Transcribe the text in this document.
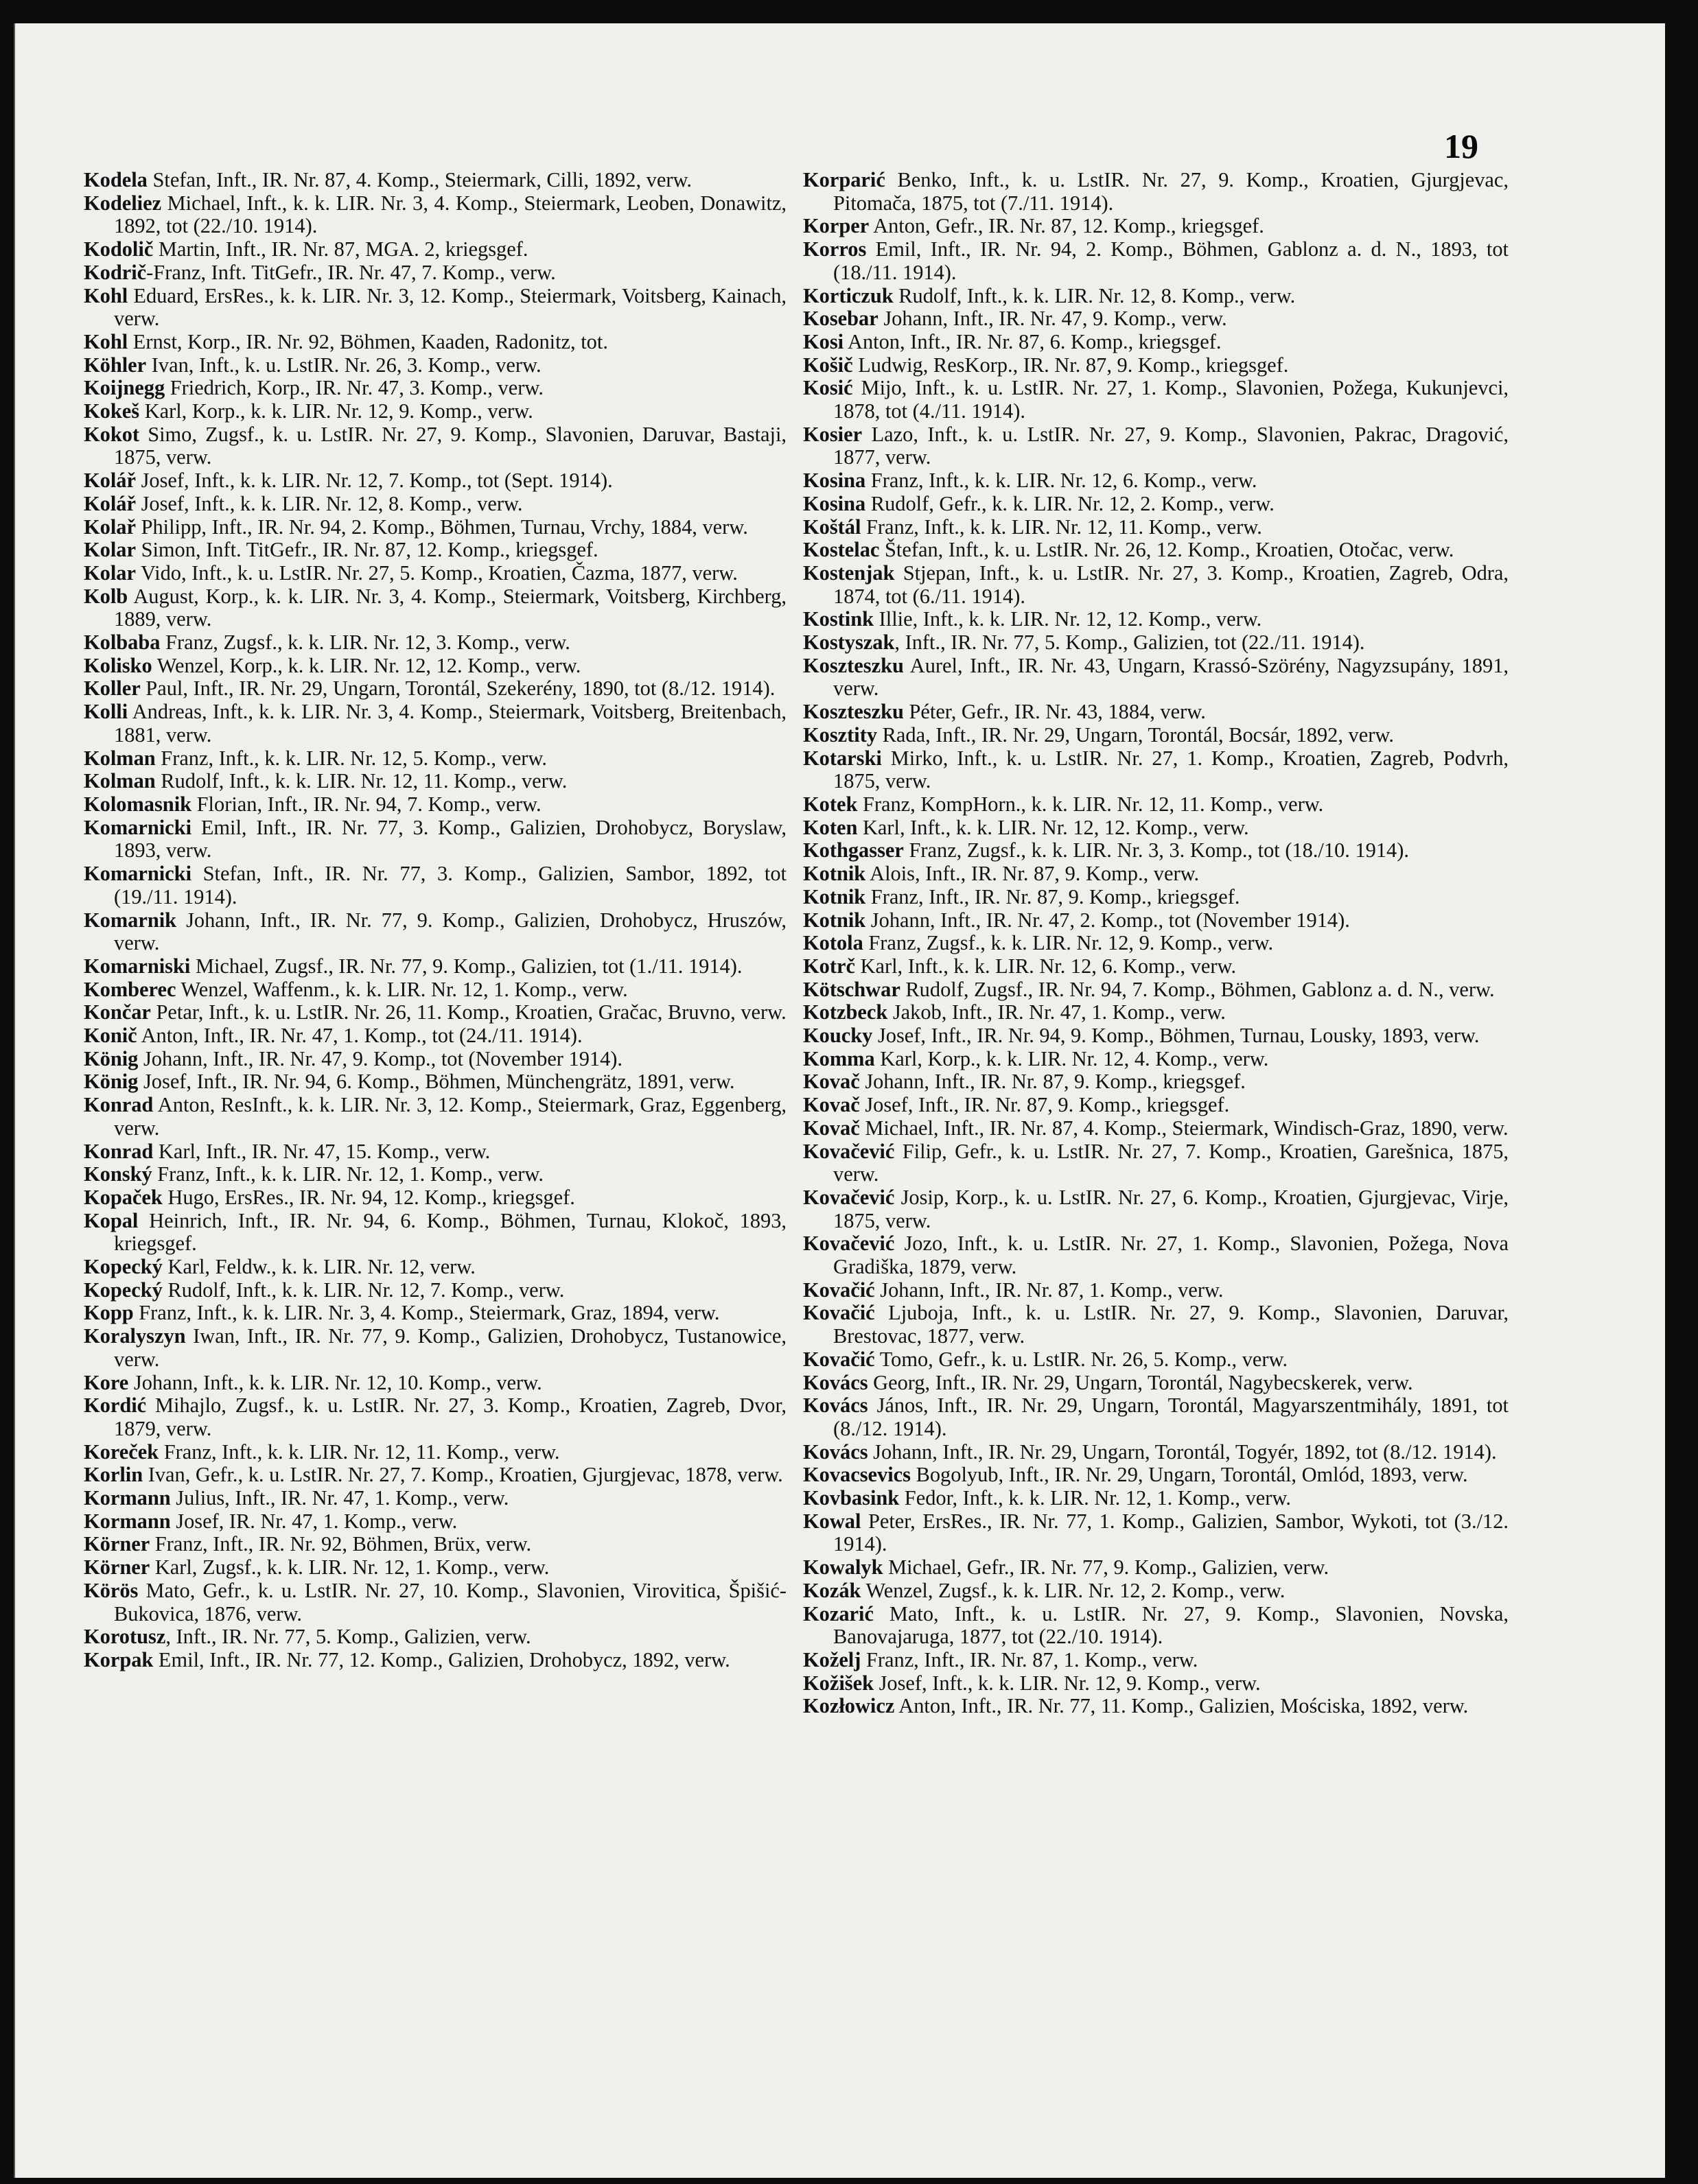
19

Kodela Stefan, Inft., IR. Nr. 87, 4. Komp., Steiermark, Cilli, 1892, verw.

Kodeliez Michael, Inft., k. k. LIR. Nr. 3, 4. Komp., Steiermark, Leoben, Donawitz, 1892, tot (22./10. 1914).

Kodolič Martin, Inft., IR. Nr. 87, MGA. 2, kriegsgef.

Kodrič-Franz, Inft. TitGefr., IR. Nr. 47, 7. Komp., verw.

Kohl Eduard, ErsRes., k. k. LIR. Nr. 3, 12. Komp., Steiermark, Voitsberg, Kainach, verw.

Kohl Ernst, Korp., IR. Nr. 92, Böhmen, Kaaden, Radonitz, tot.

Köhler Ivan, Inft., k. u. LstIR. Nr. 26, 3. Komp., verw.

Koijnegg Friedrich, Korp., IR. Nr. 47, 3. Komp., verw.

Kokeš Karl, Korp., k. k. LIR. Nr. 12, 9. Komp., verw.

Kokot Simo, Zugsf., k. u. LstIR. Nr. 27, 9. Komp., Slavonien, Daruvar, Bastaji, 1875, verw.

Kolář Josef, Inft., k. k. LIR. Nr. 12, 7. Komp., tot (Sept. 1914).

Kolář Josef, Inft., k. k. LIR. Nr. 12, 8. Komp., verw.

Kolař Philipp, Inft., IR. Nr. 94, 2. Komp., Böhmen, Turnau, Vrchy, 1884, verw.

Kolar Simon, Inft. TitGefr., IR. Nr. 87, 12. Komp., kriegsgef.

Kolar Vido, Inft., k. u. LstIR. Nr. 27, 5. Komp., Kroatien, Čazma, 1877, verw.

Kolb August, Korp., k. k. LIR. Nr. 3, 4. Komp., Steiermark, Voitsberg, Kirchberg, 1889, verw.

Kolbaba Franz, Zugsf., k. k. LIR. Nr. 12, 3. Komp., verw.

Kolisko Wenzel, Korp., k. k. LIR. Nr. 12, 12. Komp., verw.

Koller Paul, Inft., IR. Nr. 29, Ungarn, Torontál, Szekerény, 1890, tot (8./12. 1914).

Kolli Andreas, Inft., k. k. LIR. Nr. 3, 4. Komp., Steiermark, Voitsberg, Breitenbach, 1881, verw.

Kolman Franz, Inft., k. k. LIR. Nr. 12, 5. Komp., verw.

Kolman Rudolf, Inft., k. k. LIR. Nr. 12, 11. Komp., verw.

Kolomasnik Florian, Inft., IR. Nr. 94, 7. Komp., verw.

Komarnicki Emil, Inft., IR. Nr. 77, 3. Komp., Galizien, Drohobycz, Boryslaw, 1893, verw.

Komarnicki Stefan, Inft., IR. Nr. 77, 3. Komp., Galizien, Sambor, 1892, tot (19./11. 1914).

Komarnik Johann, Inft., IR. Nr. 77, 9. Komp., Galizien, Drohobycz, Hruszów, verw.

Komarniski Michael, Zugsf., IR. Nr. 77, 9. Komp., Galizien, tot (1./11. 1914).

Komberec Wenzel, Waffenm., k. k. LIR. Nr. 12, 1. Komp., verw.

Končar Petar, Inft., k. u. LstIR. Nr. 26, 11. Komp., Kroatien, Gračac, Bruvno, verw.

Konič Anton, Inft., IR. Nr. 47, 1. Komp., tot (24./11. 1914).

König Johann, Inft., IR. Nr. 47, 9. Komp., tot (November 1914).

König Josef, Inft., IR. Nr. 94, 6. Komp., Böhmen, Münchengrätz, 1891, verw.

Konrad Anton, ResInft., k. k. LIR. Nr. 3, 12. Komp., Steiermark, Graz, Eggenberg, verw.

Konrad Karl, Inft., IR. Nr. 47, 15. Komp., verw.

Konský Franz, Inft., k. k. LIR. Nr. 12, 1. Komp., verw.

Kopaček Hugo, ErsRes., IR. Nr. 94, 12. Komp., kriegsgef.

Kopal Heinrich, Inft., IR. Nr. 94, 6. Komp., Böhmen, Turnau, Klokoč, 1893, kriegsgef.

Kopecký Karl, Feldw., k. k. LIR. Nr. 12, verw.

Kopecký Rudolf, Inft., k. k. LIR. Nr. 12, 7. Komp., verw.

Kopp Franz, Inft., k. k. LIR. Nr. 3, 4. Komp., Steiermark, Graz, 1894, verw.

Koralyszyn Iwan, Inft., IR. Nr. 77, 9. Komp., Galizien, Drohobycz, Tustanowice, verw.

Kore Johann, Inft., k. k. LIR. Nr. 12, 10. Komp., verw.

Kordić Mihajlo, Zugsf., k. u. LstIR. Nr. 27, 3. Komp., Kroatien, Zagreb, Dvor, 1879, verw.

Koreček Franz, Inft., k. k. LIR. Nr. 12, 11. Komp., verw.

Korlin Ivan, Gefr., k. u. LstIR. Nr. 27, 7. Komp., Kroatien, Gjurgjevac, 1878, verw.

Kormann Julius, Inft., IR. Nr. 47, 1. Komp., verw.

Kormann Josef, IR. Nr. 47, 1. Komp., verw.

Körner Franz, Inft., IR. Nr. 92, Böhmen, Brüx, verw.

Körner Karl, Zugsf., k. k. LIR. Nr. 12, 1. Komp., verw.

Körös Mato, Gefr., k. u. LstIR. Nr. 27, 10. Komp., Slavonien, Virovitica, Špišić-Bukovica, 1876, verw.

Korotusz, Inft., IR. Nr. 77, 5. Komp., Galizien, verw.

Korpak Emil, Inft., IR. Nr. 77, 12. Komp., Galizien, Drohobycz, 1892, verw.

Korparić Benko, Inft., k. u. LstIR. Nr. 27, 9. Komp., Kroatien, Gjurgjevac, Pitomača, 1875, tot (7./11. 1914).

Korper Anton, Gefr., IR. Nr. 87, 12. Komp., kriegsgef.

Korros Emil, Inft., IR. Nr. 94, 2. Komp., Böhmen, Gablonz a. d. N., 1893, tot (18./11. 1914).

Korticzuk Rudolf, Inft., k. k. LIR. Nr. 12, 8. Komp., verw.

Kosebar Johann, Inft., IR. Nr. 47, 9. Komp., verw.

Kosi Anton, Inft., IR. Nr. 87, 6. Komp., kriegsgef.

Košič Ludwig, ResKorp., IR. Nr. 87, 9. Komp., kriegsgef.

Kosić Mijo, Inft., k. u. LstIR. Nr. 27, 1. Komp., Slavonien, Požega, Kukunjevci, 1878, tot (4./11. 1914).

Kosier Lazo, Inft., k. u. LstIR. Nr. 27, 9. Komp., Slavonien, Pakrac, Dragović, 1877, verw.

Kosina Franz, Inft., k. k. LIR. Nr. 12, 6. Komp., verw.

Kosina Rudolf, Gefr., k. k. LIR. Nr. 12, 2. Komp., verw.

Koštál Franz, Inft., k. k. LIR. Nr. 12, 11. Komp., verw.

Kostelac Štefan, Inft., k. u. LstIR. Nr. 26, 12. Komp., Kroatien, Otočac, verw.

Kostenjak Stjepan, Inft., k. u. LstIR. Nr. 27, 3. Komp., Kroatien, Zagreb, Odra, 1874, tot (6./11. 1914).

Kostink Illie, Inft., k. k. LIR. Nr. 12, 12. Komp., verw.

Kostyszak, Inft., IR. Nr. 77, 5. Komp., Galizien, tot (22./11. 1914).

Koszteszku Aurel, Inft., IR. Nr. 43, Ungarn, Krassó-Szörény, Nagyzsupány, 1891, verw.

Koszteszku Péter, Gefr., IR. Nr. 43, 1884, verw.

Kosztity Rada, Inft., IR. Nr. 29, Ungarn, Torontál, Bocsár, 1892, verw.

Kotarski Mirko, Inft., k. u. LstIR. Nr. 27, 1. Komp., Kroatien, Zagreb, Podvrh, 1875, verw.

Kotek Franz, KompHorn., k. k. LIR. Nr. 12, 11. Komp., verw.

Koten Karl, Inft., k. k. LIR. Nr. 12, 12. Komp., verw.

Kothgasser Franz, Zugsf., k. k. LIR. Nr. 3, 3. Komp., tot (18./10. 1914).

Kotnik Alois, Inft., IR. Nr. 87, 9. Komp., verw.

Kotnik Franz, Inft., IR. Nr. 87, 9. Komp., kriegsgef.

Kotnik Johann, Inft., IR. Nr. 47, 2. Komp., tot (November 1914).

Kotola Franz, Zugsf., k. k. LIR. Nr. 12, 9. Komp., verw.

Kotrč Karl, Inft., k. k. LIR. Nr. 12, 6. Komp., verw.

Kötschwar Rudolf, Zugsf., IR. Nr. 94, 7. Komp., Böhmen, Gablonz a. d. N., verw.

Kotzbeck Jakob, Inft., IR. Nr. 47, 1. Komp., verw.

Koucky Josef, Inft., IR. Nr. 94, 9. Komp., Böhmen, Turnau, Lousky, 1893, verw.

Komma Karl, Korp., k. k. LIR. Nr. 12, 4. Komp., verw.

Kovač Johann, Inft., IR. Nr. 87, 9. Komp., kriegsgef.

Kovač Josef, Inft., IR. Nr. 87, 9. Komp., kriegsgef.

Kovač Michael, Inft., IR. Nr. 87, 4. Komp., Steiermark, Windisch-Graz, 1890, verw.

Kovačević Filip, Gefr., k. u. LstIR. Nr. 27, 7. Komp., Kroatien, Garešnica, 1875, verw.

Kovačević Josip, Korp., k. u. LstIR. Nr. 27, 6. Komp., Kroatien, Gjurgjevac, Virje, 1875, verw.

Kovačević Jozo, Inft., k. u. LstIR. Nr. 27, 1. Komp., Slavonien, Požega, Nova Gradiška, 1879, verw.

Kovačić Johann, Inft., IR. Nr. 87, 1. Komp., verw.

Kovačić Ljuboja, Inft., k. u. LstIR. Nr. 27, 9. Komp., Slavonien, Daruvar, Brestovac, 1877, verw.

Kovačić Tomo, Gefr., k. u. LstIR. Nr. 26, 5. Komp., verw.

Kovács Georg, Inft., IR. Nr. 29, Ungarn, Torontál, Nagybecskerek, verw.

Kovács János, Inft., IR. Nr. 29, Ungarn, Torontál, Magyarszentmihály, 1891, tot (8./12. 1914).

Kovács Johann, Inft., IR. Nr. 29, Ungarn, Torontál, Togyér, 1892, tot (8./12. 1914).

Kovacsevics Bogolyub, Inft., IR. Nr. 29, Ungarn, Torontál, Omlód, 1893, verw.

Kovbasink Fedor, Inft., k. k. LIR. Nr. 12, 1. Komp., verw.

Kowal Peter, ErsRes., IR. Nr. 77, 1. Komp., Galizien, Sambor, Wykoti, tot (3./12. 1914).

Kowalyk Michael, Gefr., IR. Nr. 77, 9. Komp., Galizien, verw.

Kozák Wenzel, Zugsf., k. k. LIR. Nr. 12, 2. Komp., verw.

Kozarić Mato, Inft., k. u. LstIR. Nr. 27, 9. Komp., Slavonien, Novska, Banovajaruga, 1877, tot (22./10. 1914).

Koželj Franz, Inft., IR. Nr. 87, 1. Komp., verw.

Kožišek Josef, Inft., k. k. LIR. Nr. 12, 9. Komp., verw.

Kozłowicz Anton, Inft., IR. Nr. 77, 11. Komp., Galizien, Mościska, 1892, verw.
